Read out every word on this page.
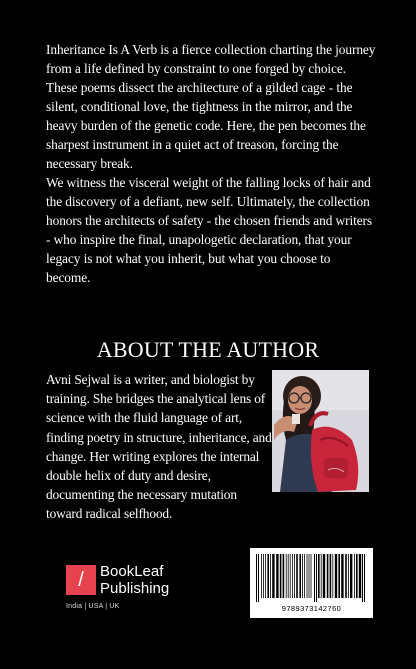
Inheritance Is A Verb is a fierce collection charting the journey from a life defined by constraint to one forged by choice. These poems dissect the architecture of a gilded cage - the silent, conditional love, the tightness in the mirror, and the heavy burden of the genetic code. Here, the pen becomes the sharpest instrument in a quiet act of treason, forcing the necessary break.

We witness the visceral weight of the falling locks of hair and the discovery of a defiant, new self. Ultimately, the collection honors the architects of safety - the chosen friends and writers - who inspire the final, unapologetic declaration, that your legacy is not what you inherit, but what you choose to become.

ABOUT THE AUTHOR
Avni Sejwal is a writer, and biologist by training. She bridges the analytical lens of science with the fluid language of art, finding poetry in structure, inheritance, and change. Her writing explores the internal double helix of duty and desire, documenting the necessary mutation toward radical selfhood.
/	BookLeaf
Publishing
India | USA | UK	9789373142760
